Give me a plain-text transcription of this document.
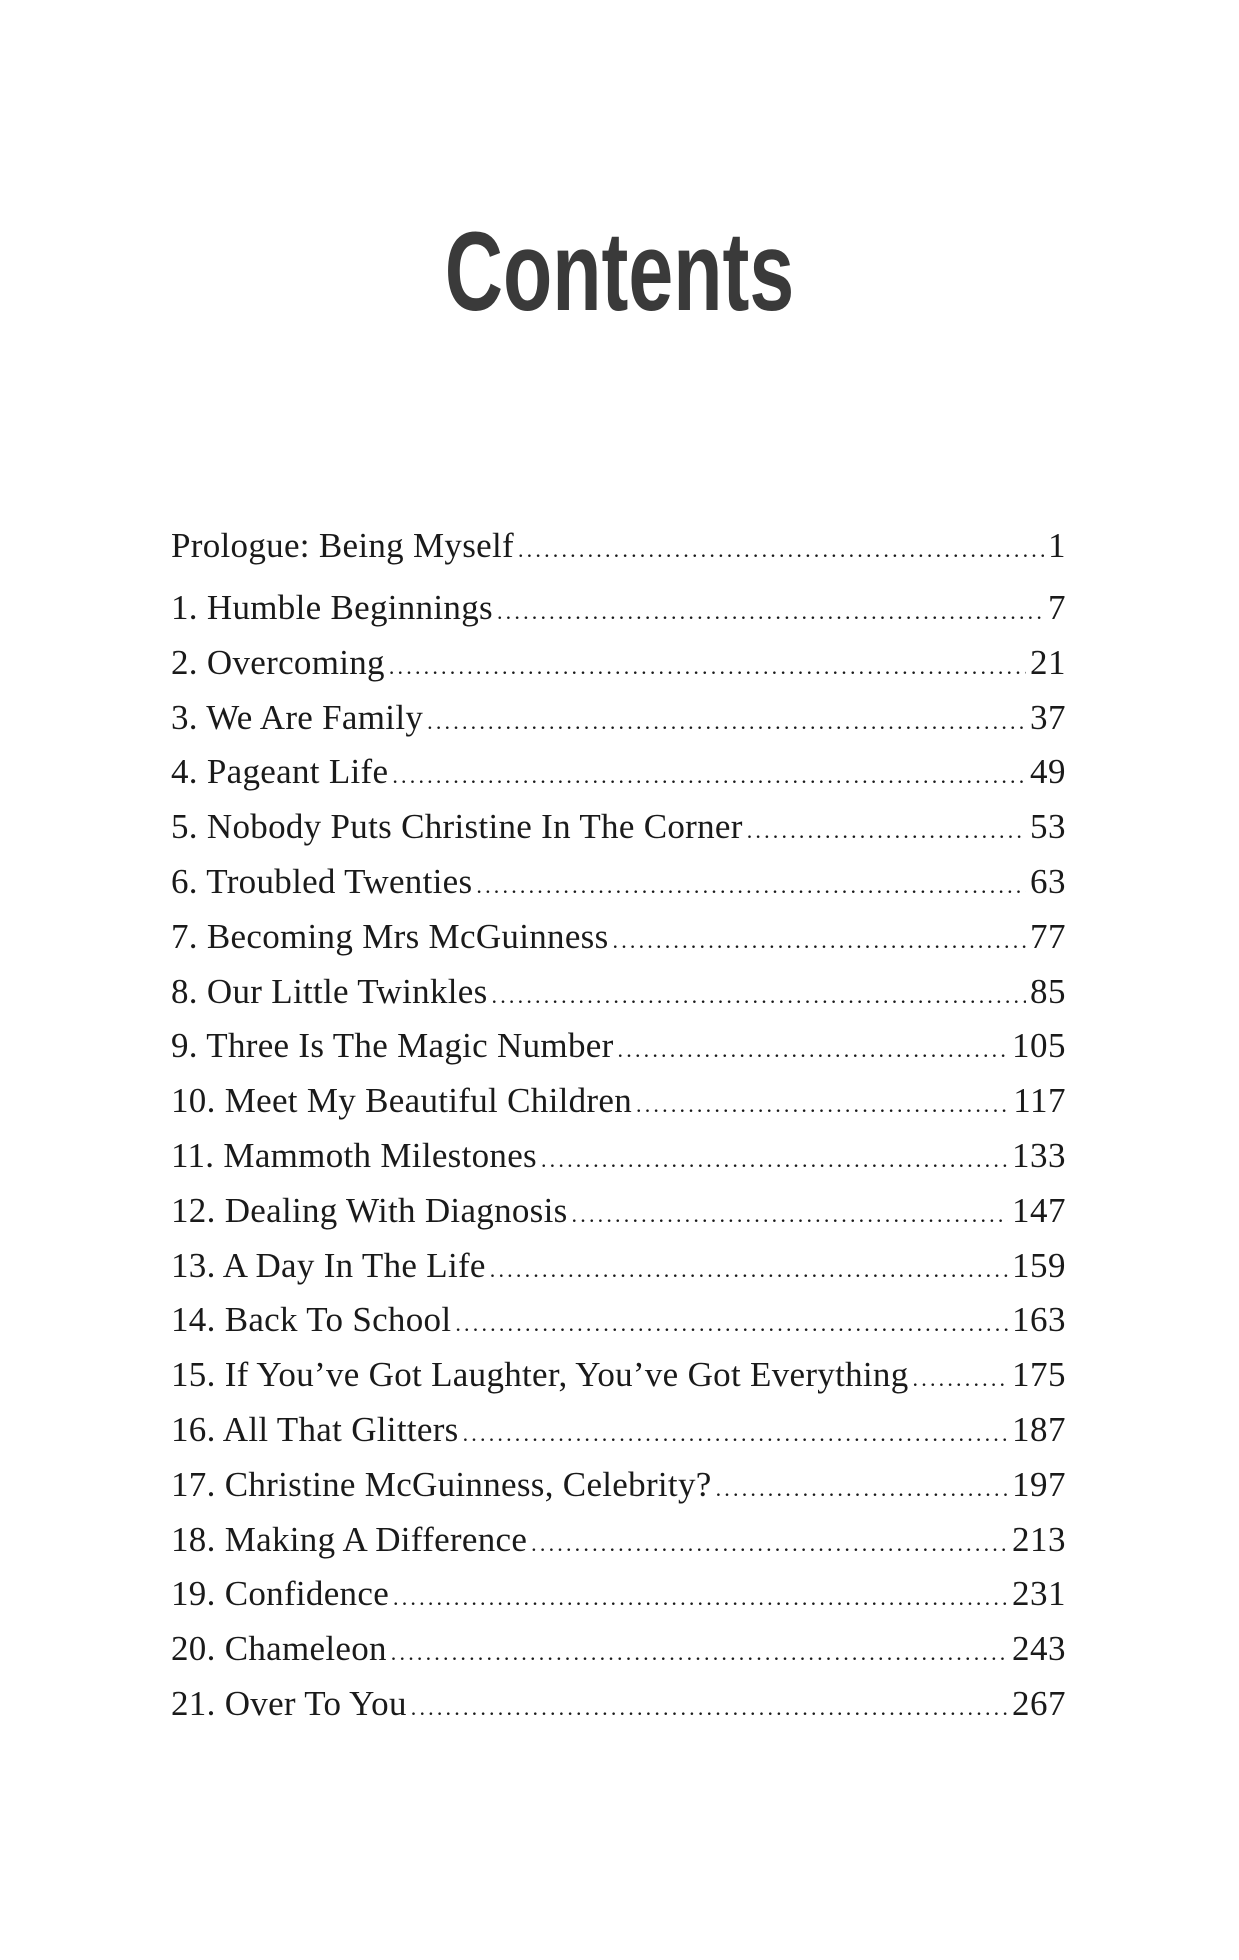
Contents
Prologue: Being Myself .....	1
1. Humble Beginnings .....	7
2. Overcoming .....	21
3. We Are Family .....	37
4. Pageant Life .....	49
5. Nobody Puts Christine In The Corner .....	53
6. Troubled Twenties .....	63
7. Becoming Mrs McGuinness .....	77
8. Our Little Twinkles .....	85
9. Three Is The Magic Number .....	105
10. Meet My Beautiful Children .....	117
11. Mammoth Milestones .....	133
12. Dealing With Diagnosis .....	147
13. A Day In The Life .....	159
14. Back To School .....	163
15. If You’ve Got Laughter, You’ve Got Everything .....	175
16. All That Glitters .....	187
17. Christine McGuinness, Celebrity? .....	197
18. Making A Difference .....	213
19. Confidence .....	231
20. Chameleon .....	243
21. Over To You .....	267
